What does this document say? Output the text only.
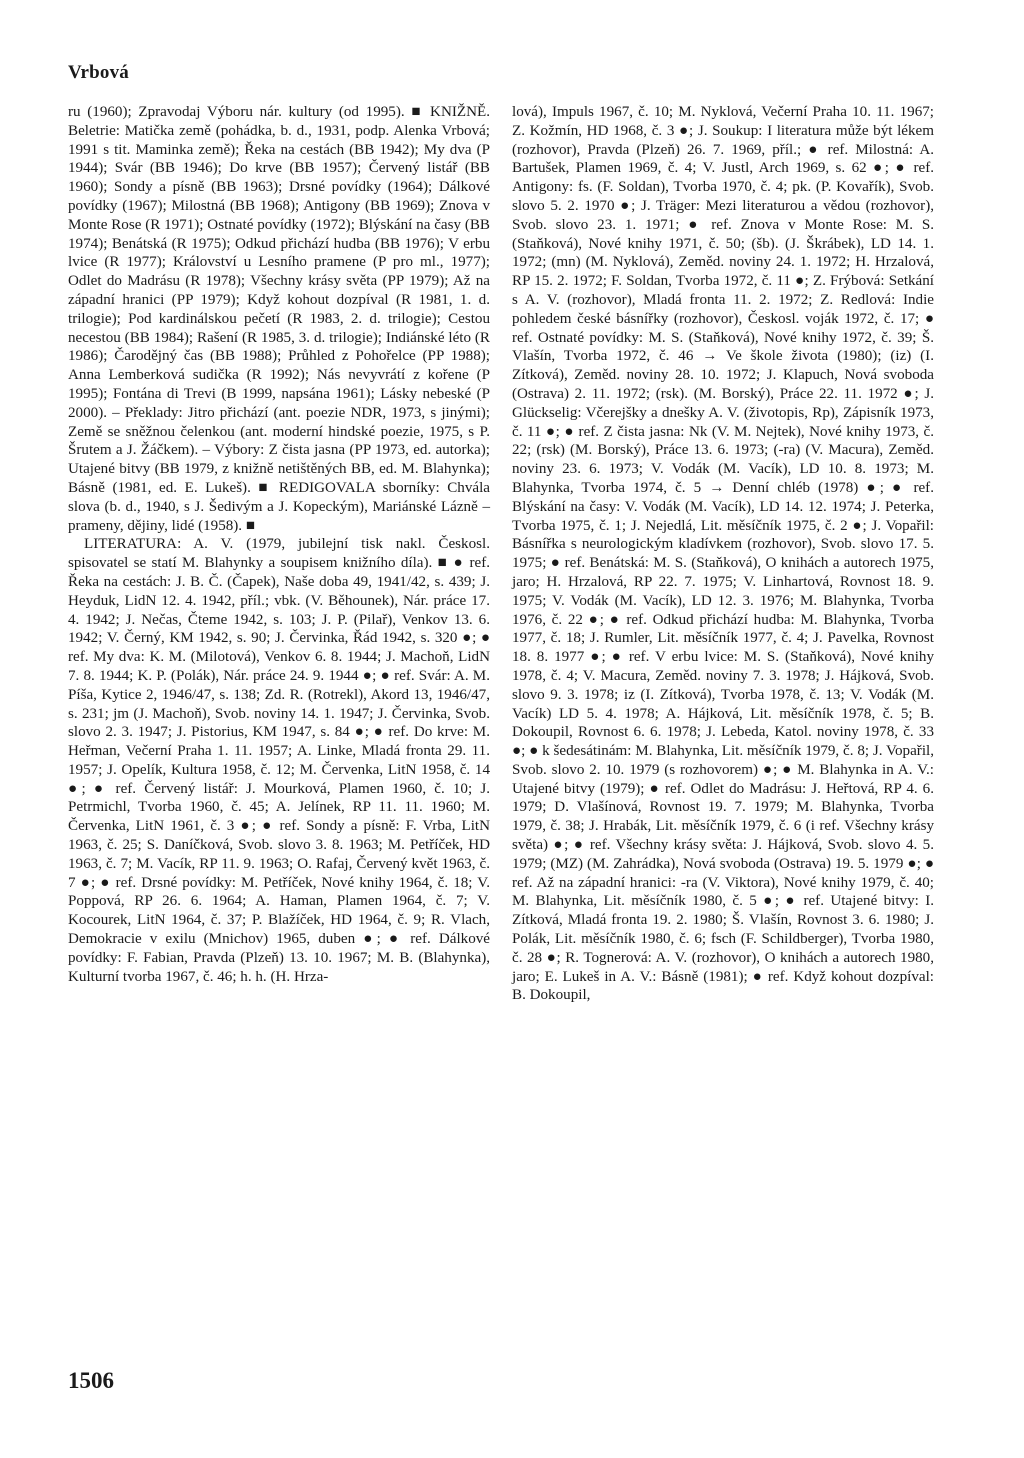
Vrbová

ru (1960); Zpravodaj Výboru nár. kultury (od 1995). ■ KNIŽNĚ. Beletrie: Matička země (pohádka, b. d., 1931, podp. Alenka Vrbová; 1991 s tit. Maminka země); Řeka na cestách (BB 1942); My dva (P 1944); Svár (BB 1946); Do krve (BB 1957); Červený listář (BB 1960); Sondy a písně (BB 1963); Drsné povídky (1964); Dálkové povídky (1967); Milostná (BB 1968); Antigony (BB 1969); Znova v Monte Rose (R 1971); Ostnaté povídky (1972); Blýskání na časy (BB 1974); Benátská (R 1975); Odkud přichází hudba (BB 1976); V erbu lvice (R 1977); Království u Lesního pramene (P pro ml., 1977); Odlet do Madrásu (R 1978); Všechny krásy světa (PP 1979); Až na západní hranici (PP 1979); Když kohout dozpíval (R 1981, 1. d. trilogie); Pod kardinálskou pečetí (R 1983, 2. d. trilogie); Cestou necestou (BB 1984); Rašení (R 1985, 3. d. trilogie); Indiánské léto (R 1986); Čarodějný čas (BB 1988); Průhled z Pohořelce (PP 1988); Anna Lemberková sudička (R 1992); Nás nevyvrátí z kořene (P 1995); Fontána di Trevi (B 1999, napsána 1961); Lásky nebeské (P 2000). – Překlady: Jitro přichází (ant. poezie NDR, 1973, s jinými); Země se sněžnou čelenkou (ant. moderní hindské poezie, 1975, s P. Šrutem a J. Žáčkem). – Výbory: Z čista jasna (PP 1973, ed. autorka); Utajené bitvy (BB 1979, z knižně netištěných BB, ed. M. Blahynka); Básně (1981, ed. E. Lukeš). ■ REDIGOVALA sborníky: Chvála slova (b. d., 1940, s J. Šedivým a J. Kopeckým), Mariánské Lázně – prameny, dějiny, lidé (1958). ■

LITERATURA: A. V. (1979, jubilejní tisk nakl. Českosl. spisovatel se statí M. Blahynky a soupisem knižního díla). ■ ● ref. Řeka na cestách: J. B. Č. (Čapek), Naše doba 49, 1941/42, s. 439; J. Heyduk, LidN 12. 4. 1942, příl.; vbk. (V. Běhounek), Nár. práce 17. 4. 1942; J. Nečas, Čteme 1942, s. 103; J. P. (Pilař), Venkov 13. 6. 1942; V. Černý, KM 1942, s. 90; J. Červinka, Řád 1942, s. 320 ●; ● ref. My dva: K. M. (Milotová), Venkov 6. 8. 1944; J. Machoň, LidN 7. 8. 1944; K. P. (Polák), Nár. práce 24. 9. 1944 ●; ● ref. Svár: A. M. Píša, Kytice 2, 1946/47, s. 138; Zd. R. (Rotrekl), Akord 13, 1946/47, s. 231; jm (J. Machoň), Svob. noviny 14. 1. 1947; J. Červinka, Svob. slovo 2. 3. 1947; J. Pistorius, KM 1947, s. 84 ●; ● ref. Do krve: M. Heřman, Večerní Praha 1. 11. 1957; A. Linke, Mladá fronta 29. 11. 1957; J. Opelík, Kultura 1958, č. 12; M. Červenka, LitN 1958, č. 14 ●; ● ref. Červený listář: J. Mourková, Plamen 1960, č. 10; J. Petrmichl, Tvorba 1960, č. 45; A. Jelínek, RP 11. 11. 1960; M. Červenka, LitN 1961, č. 3 ●; ● ref. Sondy a písně: F. Vrba, LitN 1963, č. 25; S. Daníčková, Svob. slovo 3. 8. 1963; M. Petříček, HD 1963, č. 7; M. Vacík, RP 11. 9. 1963; O. Rafaj, Červený květ 1963, č. 7 ●; ● ref. Drsné povídky: M. Petříček, Nové knihy 1964, č. 18; V. Poppová, RP 26. 6. 1964; A. Haman, Plamen 1964, č. 7; V. Kocourek, LitN 1964, č. 37; P. Blažíček, HD 1964, č. 9; R. Vlach, Demokracie v exilu (Mnichov) 1965, duben ●; ● ref. Dálkové povídky: F. Fabian, Pravda (Plzeň) 13. 10. 1967; M. B. (Blahynka), Kulturní tvorba 1967, č. 46; h. h. (H. Hrza-

lová), Impuls 1967, č. 10; M. Nyklová, Večerní Praha 10. 11. 1967; Z. Kožmín, HD 1968, č. 3 ●; J. Soukup: I literatura může být lékem (rozhovor), Pravda (Plzeň) 26. 7. 1969, příl.; ● ref. Milostná: A. Bartušek, Plamen 1969, č. 4; V. Justl, Arch 1969, s. 62 ●; ● ref. Antigony: fs. (F. Soldan), Tvorba 1970, č. 4; pk. (P. Kovařík), Svob. slovo 5. 2. 1970 ●; J. Träger: Mezi literaturou a vědou (rozhovor), Svob. slovo 23. 1. 1971; ● ref. Znova v Monte Rose: M. S. (Staňková), Nové knihy 1971, č. 50; (šb). (J. Škrábek), LD 14. 1. 1972; (mn) (M. Nyklová), Zeměd. noviny 24. 1. 1972; H. Hrzalová, RP 15. 2. 1972; F. Soldan, Tvorba 1972, č. 11 ●; Z. Frýbová: Setkání s A. V. (rozhovor), Mladá fronta 11. 2. 1972; Z. Redlová: Indie pohledem české básnířky (rozhovor), Českosl. voják 1972, č. 17; ● ref. Ostnaté povídky: M. S. (Staňková), Nové knihy 1972, č. 39; Š. Vlašín, Tvorba 1972, č. 46 → Ve škole života (1980); (iz) (I. Zítková), Zeměd. noviny 28. 10. 1972; J. Klapuch, Nová svoboda (Ostrava) 2. 11. 1972; (rsk). (M. Borský), Práce 22. 11. 1972 ●; J. Glückselig: Včerejšky a dnešky A. V. (životopis, Rp), Zápisník 1973, č. 11 ●; ● ref. Z čista jasna: Nk (V. M. Nejtek), Nové knihy 1973, č. 22; (rsk) (M. Borský), Práce 13. 6. 1973; (-ra) (V. Macura), Zeměd. noviny 23. 6. 1973; V. Vodák (M. Vacík), LD 10. 8. 1973; M. Blahynka, Tvorba 1974, č. 5 → Denní chléb (1978) ●; ● ref. Blýskání na časy: V. Vodák (M. Vacík), LD 14. 12. 1974; J. Peterka, Tvorba 1975, č. 1; J. Nejedlá, Lit. měsíčník 1975, č. 2 ●; J. Vopařil: Básnířka s neurologickým kladívkem (rozhovor), Svob. slovo 17. 5. 1975; ● ref. Benátská: M. S. (Staňková), O knihách a autorech 1975, jaro; H. Hrzalová, RP 22. 7. 1975; V. Linhartová, Rovnost 18. 9. 1975; V. Vodák (M. Vacík), LD 12. 3. 1976; M. Blahynka, Tvorba 1976, č. 22 ●; ● ref. Odkud přichází hudba: M. Blahynka, Tvorba 1977, č. 18; J. Rumler, Lit. měsíčník 1977, č. 4; J. Pavelka, Rovnost 18. 8. 1977 ●; ● ref. V erbu lvice: M. S. (Staňková), Nové knihy 1978, č. 4; V. Macura, Zeměd. noviny 7. 3. 1978; J. Hájková, Svob. slovo 9. 3. 1978; iz (I. Zítková), Tvorba 1978, č. 13; V. Vodák (M. Vacík) LD 5. 4. 1978; A. Hájková, Lit. měsíčník 1978, č. 5; B. Dokoupil, Rovnost 6. 6. 1978; J. Lebeda, Katol. noviny 1978, č. 33 ●; ● k šedesátinám: M. Blahynka, Lit. měsíčník 1979, č. 8; J. Vopařil, Svob. slovo 2. 10. 1979 (s rozhovorem) ●; ● M. Blahynka in A. V.: Utajené bitvy (1979); ● ref. Odlet do Madrásu: J. Heřtová, RP 4. 6. 1979; D. Vlašínová, Rovnost 19. 7. 1979; M. Blahynka, Tvorba 1979, č. 38; J. Hrabák, Lit. měsíčník 1979, č. 6 (i ref. Všechny krásy světa) ●; ● ref. Všechny krásy světa: J. Hájková, Svob. slovo 4. 5. 1979; (MZ) (M. Zahrádka), Nová svoboda (Ostrava) 19. 5. 1979 ●; ● ref. Až na západní hranici: -ra (V. Viktora), Nové knihy 1979, č. 40; M. Blahynka, Lit. měsíčník 1980, č. 5 ●; ● ref. Utajené bitvy: I. Zítková, Mladá fronta 19. 2. 1980; Š. Vlašín, Rovnost 3. 6. 1980; J. Polák, Lit. měsíčník 1980, č. 6; fsch (F. Schildberger), Tvorba 1980, č. 28 ●; R. Tognerová: A. V. (rozhovor), O knihách a autorech 1980, jaro; E. Lukeš in A. V.: Básně (1981); ● ref. Když kohout dozpíval: B. Dokoupil,

1506
